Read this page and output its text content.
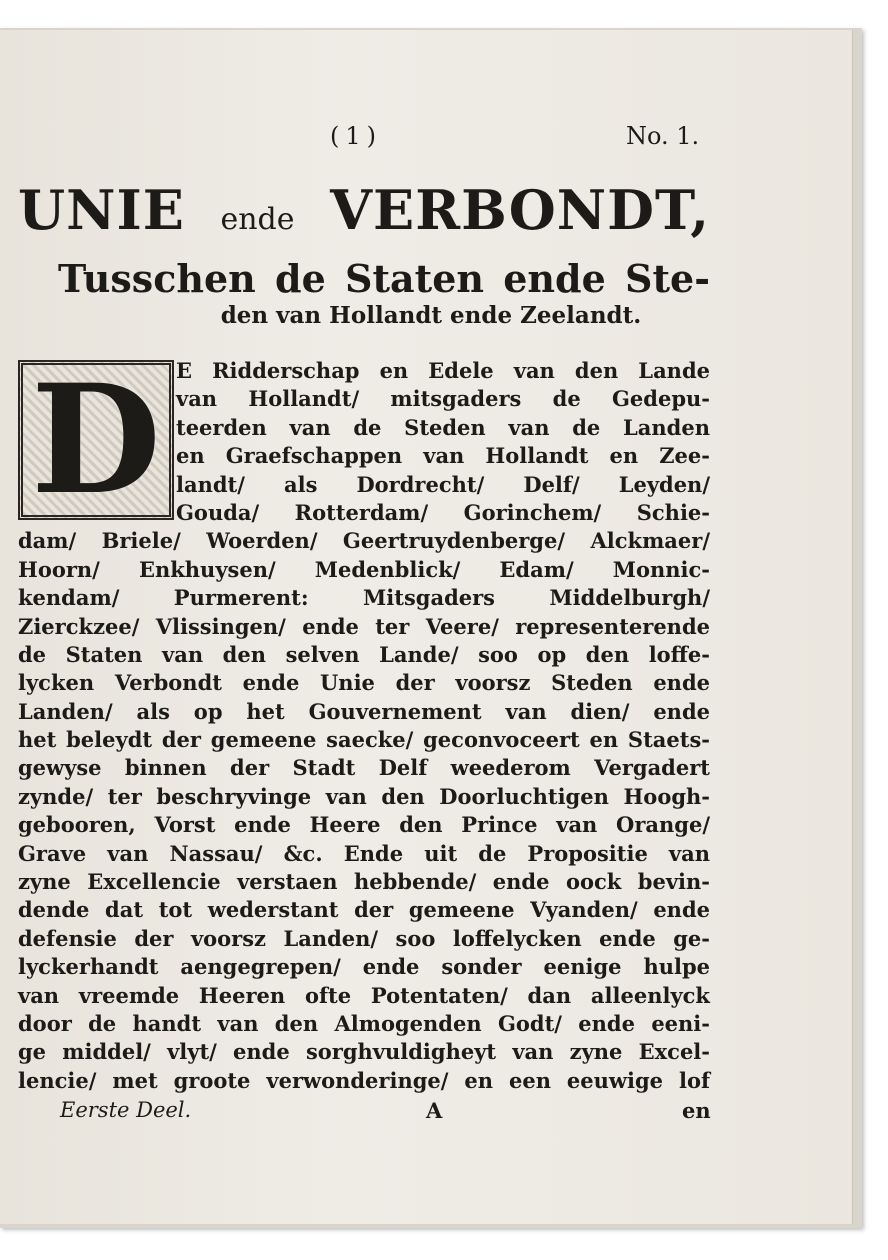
(1)	No. 1.
UNIE ende VERBONDT,
Tusschen de Staten ende Ste-
den van Hollandt ende Zeelandt.
D E Ridderschap en Edele van den Lande
van Hollandt/ mitsgaders de Gedepu-
teerden van de Steden van de Landen
en Graefschappen van Hollandt en Zee-
landt/ als Dordrecht/ Delf/ Leyden/
Gouda/ Rotterdam/ Gorinchem/ Schie-
dam/ Briele/ Woerden/ Geertruydenberge/ Alckmaer/
Hoorn/ Enkhuysen/ Medenblick/ Edam/ Monnic-
kendam/ Purmerent: Mitsgaders Middelburgh/
Zierckzee/ Vlissingen/ ende ter Veere/ representerende
de Staten van den selven Lande/ soo op den loffe-
lycken Verbondt ende Unie der voorsz Steden ende
Landen/ als op het Gouvernement van dien/ ende
het beleydt der gemeene saecke/ geconvoceert en Staets-
gewyse binnen der Stadt Delf weederom Vergadert
zynde/ ter beschryvinge van den Doorluchtigen Hoogh-
gebooren, Vorst ende Heere den Prince van Orange/
Grave van Nassau/ &c. Ende uit de Propositie van
zyne Excellencie verstaen hebbende/ ende oock bevin-
dende dat tot wederstant der gemeene Vyanden/ ende
defensie der voorsz Landen/ soo loffelycken ende ge-
lyckerhandt aengegrepen/ ende sonder eenige hulpe
van vreemde Heeren ofte Potentaten/ dan alleenlyck
door de handt van den Almogenden Godt/ ende eeni-
ge middel/ vlyt/ ende sorghvuldigheyt van zyne Excel-
lencie/ met groote verwonderinge/ en een eeuwige lof
Eerste Deel.	A	en
